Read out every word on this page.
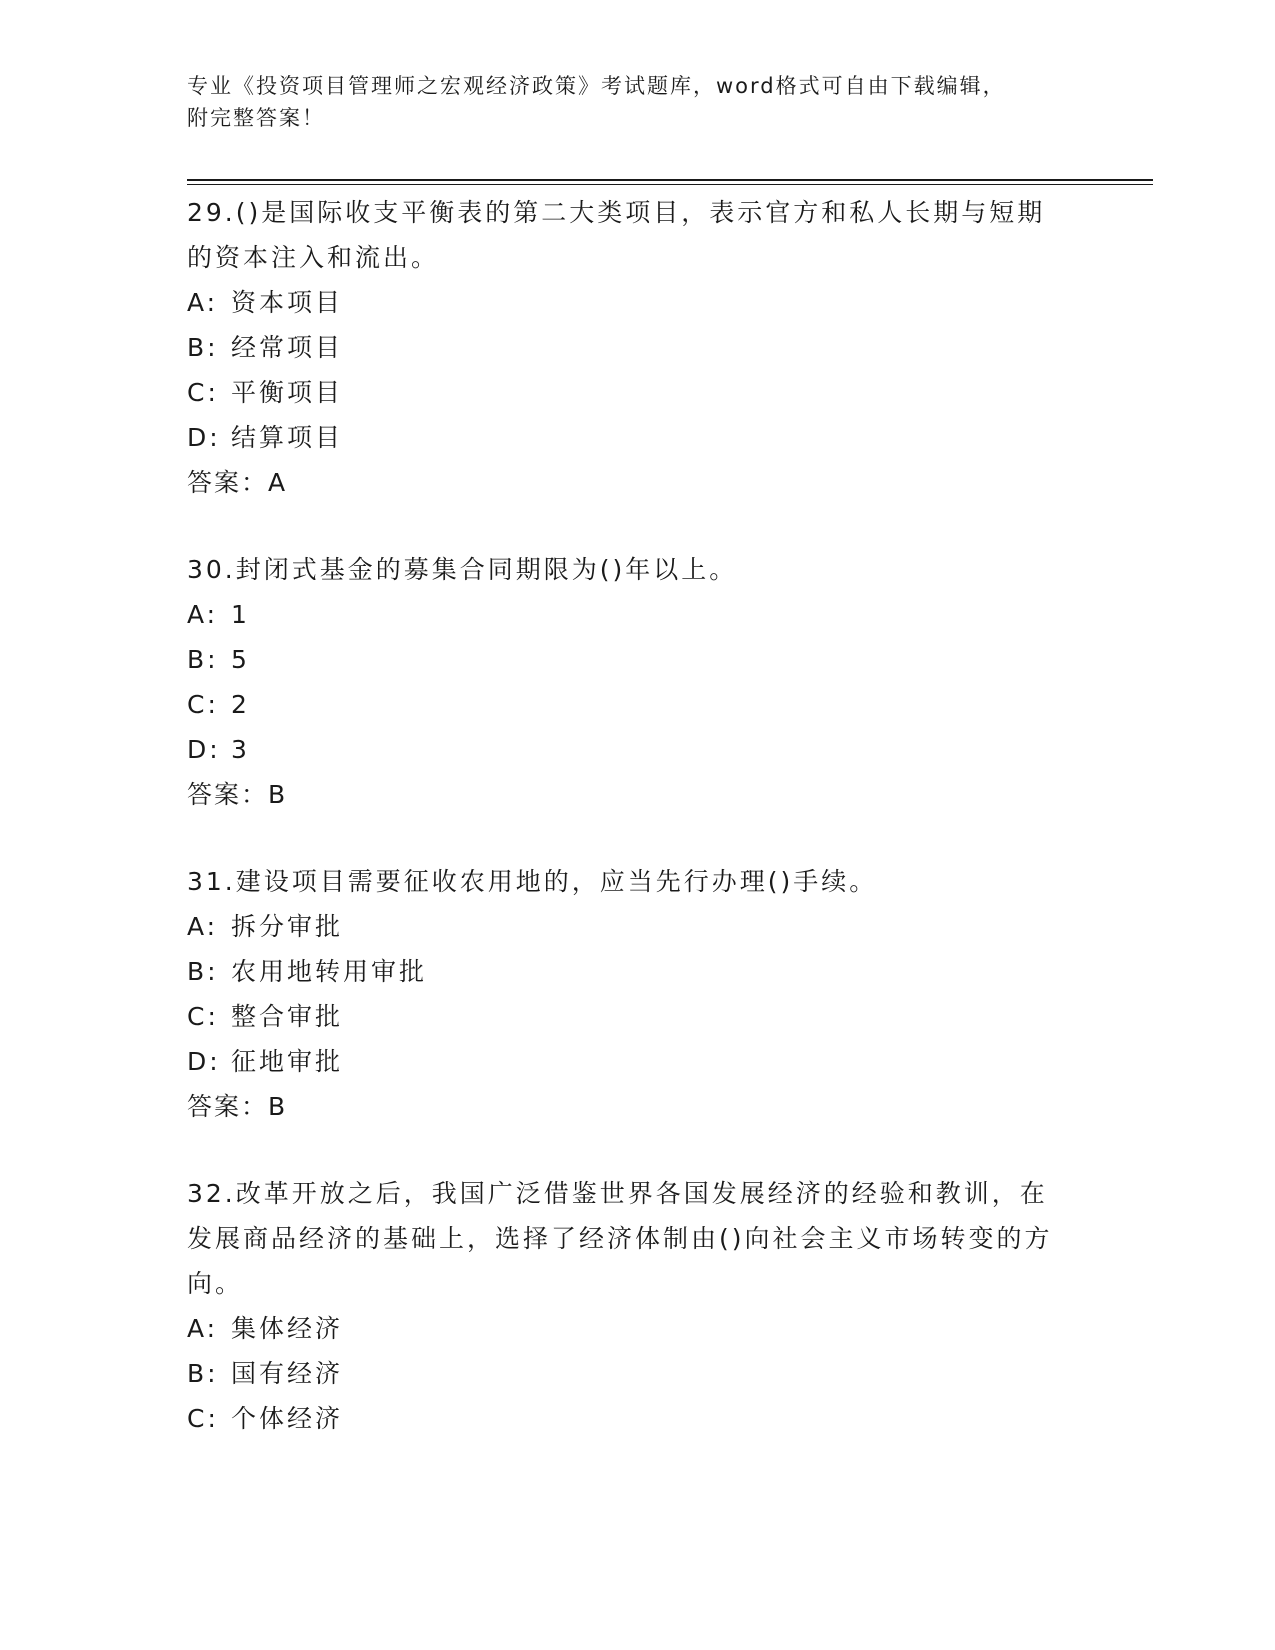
专业《投资项目管理师之宏观经济政策》考试题库，word格式可自由下载编辑，
附完整答案！

29.()是国际收支平衡表的第二大类项目，表示官方和私人长期与短期的资本注入和流出。

A: 资本项目

B: 经常项目

C: 平衡项目

D: 结算项目

答案：A

30.封闭式基金的募集合同期限为()年以上。

A: 1

B: 5

C: 2

D: 3

答案：B

31.建设项目需要征收农用地的，应当先行办理()手续。

A: 拆分审批

B: 农用地转用审批

C: 整合审批

D: 征地审批

答案：B

32.改革开放之后，我国广泛借鉴世界各国发展经济的经验和教训，在发展商品经济的基础上，选择了经济体制由()向社会主义市场转变的方向。

A: 集体经济

B: 国有经济

C: 个体经济
